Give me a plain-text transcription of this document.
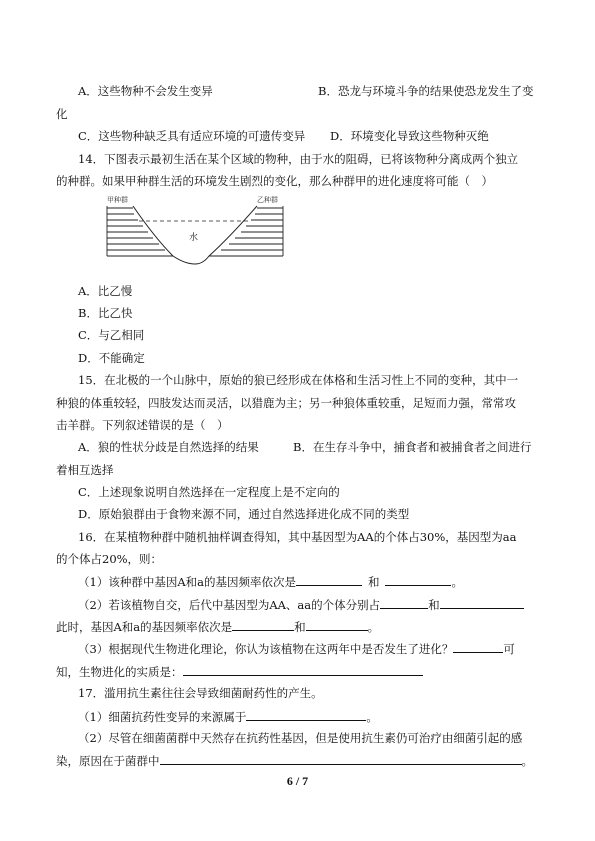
A．这些物种不会发生变异	B．恐龙与环境斗争的结果使恐龙发生了变
化
C．这些物种缺乏具有适应环境的可遗传变异 D．环境变化导致这些物种灭绝
14．下图表示最初生活在某个区域的物种，由于水的阻碍，已将该物种分离成两个独立
的种群。如果甲种群生活的环境发生剧烈的变化，那么种群甲的进化速度将可能（　）
甲种群	乙种群
水
A．比乙慢
B．比乙快
C．与乙相同
D．不能确定
15．在北极的一个山脉中，原始的狼已经形成在体格和生活习性上不同的变种，其中一
种狼的体重较轻，四肢发达而灵活，以猎鹿为主；另一种狼体重较重，足短而力强，常常攻
击羊群。下列叙述错误的是（　）
A．狼的性状分歧是自然选择的结果	B．在生存斗争中，捕食者和被捕食者之间进行
着相互选择
C．上述现象说明自然选择在一定程度上是不定向的
D．原始狼群由于食物来源不同，通过自然选择进化成不同的类型
16．在某植物种群中随机抽样调查得知，其中基因型为AA的个体占30%，基因型为aa
的个体占20%，则：
（1）该种群中基因A和a的基因频率依次是	和	。
（2）若该植物自交，后代中基因型为AA、aa的个体分别占	和
此时，基因A和a的基因频率依次是	和	。
（3）根据现代生物进化理论，你认为该植物在这两年中是否发生了进化？	可
知，生物进化的实质是：
17．滥用抗生素往往会导致细菌耐药性的产生。
（1）细菌抗药性变异的来源属于	。
（2）尽管在细菌菌群中天然存在抗药性基因，但是使用抗生素仍可治疗由细菌引起的感
染，原因在于菌群中	。
6 / 7
